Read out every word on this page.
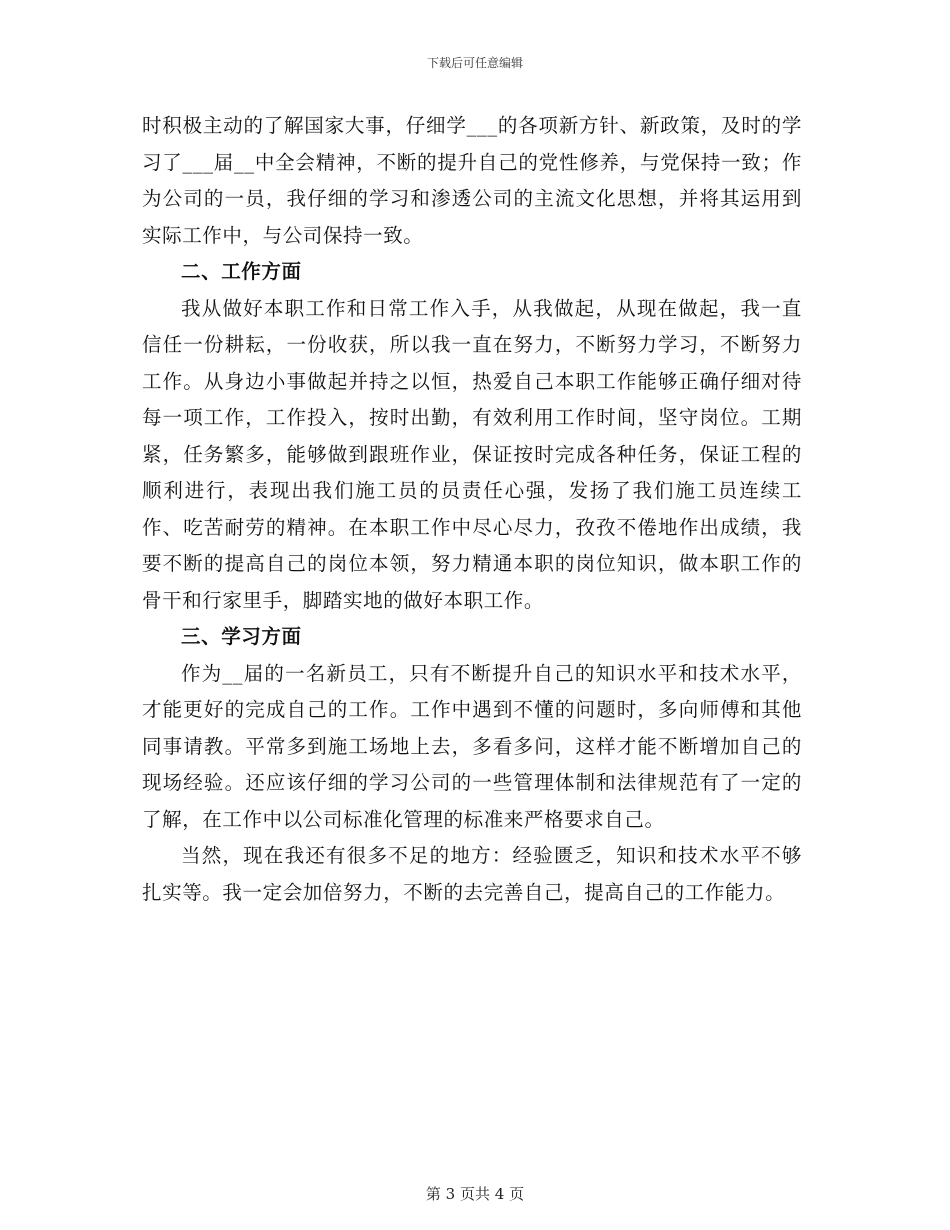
下载后可任意编辑

时积极主动的了解国家大事，仔细学___的各项新方针、新政策，及时的学习了___届__中全会精神，不断的提升自己的党性修养，与党保持一致；作为公司的一员，我仔细的学习和渗透公司的主流文化思想，并将其运用到实际工作中，与公司保持一致。

二、工作方面

我从做好本职工作和日常工作入手，从我做起，从现在做起，我一直信任一份耕耘，一份收获，所以我一直在努力，不断努力学习，不断努力工作。从身边小事做起并持之以恒，热爱自己本职工作能够正确仔细对待每一项工作，工作投入，按时出勤，有效利用工作时间，坚守岗位。工期紧，任务繁多，能够做到跟班作业，保证按时完成各种任务，保证工程的顺利进行，表现出我们施工员的员责任心强，发扬了我们施工员连续工作、吃苦耐劳的精神。在本职工作中尽心尽力，孜孜不倦地作出成绩，我要不断的提高自己的岗位本领，努力精通本职的岗位知识，做本职工作的骨干和行家里手，脚踏实地的做好本职工作。

三、学习方面

作为__届的一名新员工，只有不断提升自己的知识水平和技术水平，才能更好的完成自己的工作。工作中遇到不懂的问题时，多向师傅和其他同事请教。平常多到施工场地上去，多看多问，这样才能不断增加自己的现场经验。还应该仔细的学习公司的一些管理体制和法律规范有了一定的了解，在工作中以公司标准化管理的标准来严格要求自己。

当然，现在我还有很多不足的地方：经验匮乏，知识和技术水平不够扎实等。我一定会加倍努力，不断的去完善自己，提高自己的工作能力。

第 3 页共 4 页
